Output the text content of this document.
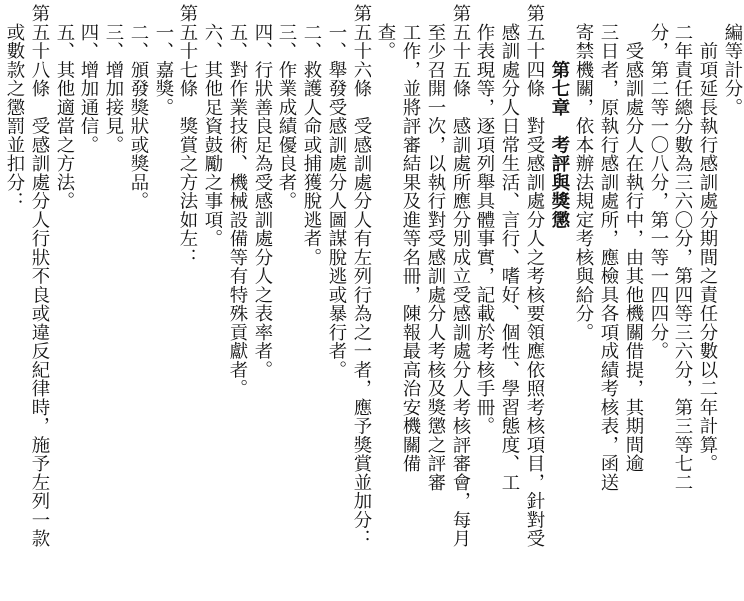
　編等計分。
　　前項延長執行感訓處分期間之責任分數以二年計算。
　二年責任總分數為三六〇分，第四等三六分，第三等七二
　分，第二等一〇八分，第一等一四四分。
　　受感訓處分人在執行中，由其他機關借提，其期間逾
　三日者，原執行感訓處所，應檢具各項成績考核表，函送
　寄禁機關，依本辦法規定考核與給分。
　　　第七章　考評與獎懲
第五十四條　對受感訓處分人之考核要領應依照考核項目，針對受
　感訓處分人日常生活、言行、嗜好、個性、學習態度、工
　作表現等，逐項列舉具體事實，記載於考核手冊。
第五十五條　感訓處所應分別成立受感訓處分人考核評審會，每月
　至少召開一次，以執行對受感訓處分人考核及獎懲之評審
　工作，並將評審結果及進等名冊，陳報最高治安機關備
　查。
第五十六條　受感訓處分人有左列行為之一者，應予獎賞並加分：
　一、舉發受感訓處分人圖謀脫逃或暴行者。
　二、救護人命或捕獲脫逃者。
　三、作業成績優良者。
　四、行狀善良足為受感訓處分人之表率者。
　五、對作業技術、機械設備等有特殊貢獻者。
　六、其他足資鼓勵之事項。
第五十七條　獎賞之方法如左：
　一、嘉獎。
　二、頒發獎狀或獎品。
　三、增加接見。
　四、增加通信。
　五、其他適當之方法。
第五十八條　受感訓處分人行狀不良或違反紀律時，施予左列一款
　或數款之懲罰並扣分：
